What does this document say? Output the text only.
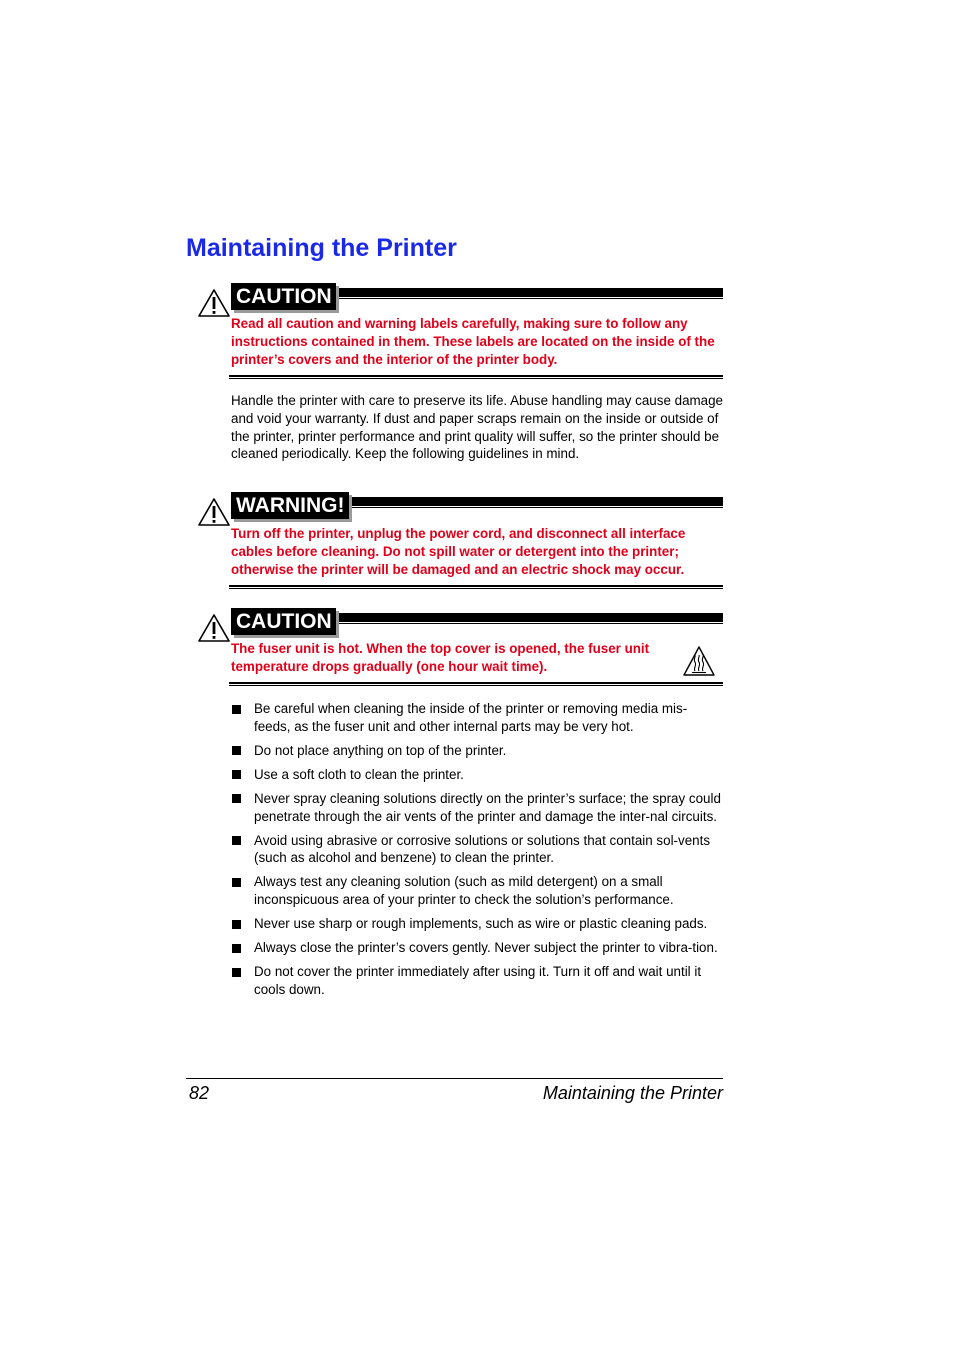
Maintaining the Printer
CAUTION

Read all caution and warning labels carefully, making sure to follow any instructions contained in them. These labels are located on the inside of the printer’s covers and the interior of the printer body.

Handle the printer with care to preserve its life. Abuse handling may cause damage and void your warranty. If dust and paper scraps remain on the inside or outside of the printer, printer performance and print quality will suffer, so the printer should be cleaned periodically. Keep the following guidelines in mind.

WARNING!

Turn off the printer, unplug the power cord, and disconnect all interface cables before cleaning. Do not spill water or detergent into the printer; otherwise the printer will be damaged and an electric shock may occur.

CAUTION

The fuser unit is hot. When the top cover is opened, the fuser unit temperature drops gradually (one hour wait time).

Be careful when cleaning the inside of the printer or removing media mis-feeds, as the fuser unit and other internal parts may be very hot.
Do not place anything on top of the printer.
Use a soft cloth to clean the printer.
Never spray cleaning solutions directly on the printer’s surface; the spray could penetrate through the air vents of the printer and damage the inter-nal circuits.
Avoid using abrasive or corrosive solutions or solutions that contain sol-vents (such as alcohol and benzene) to clean the printer.
Always test any cleaning solution (such as mild detergent) on a small inconspicuous area of your printer to check the solution’s performance.
Never use sharp or rough implements, such as wire or plastic cleaning pads.
Always close the printer’s covers gently. Never subject the printer to vibra-tion.
Do not cover the printer immediately after using it. Turn it off and wait until it cools down.
82	Maintaining the Printer
